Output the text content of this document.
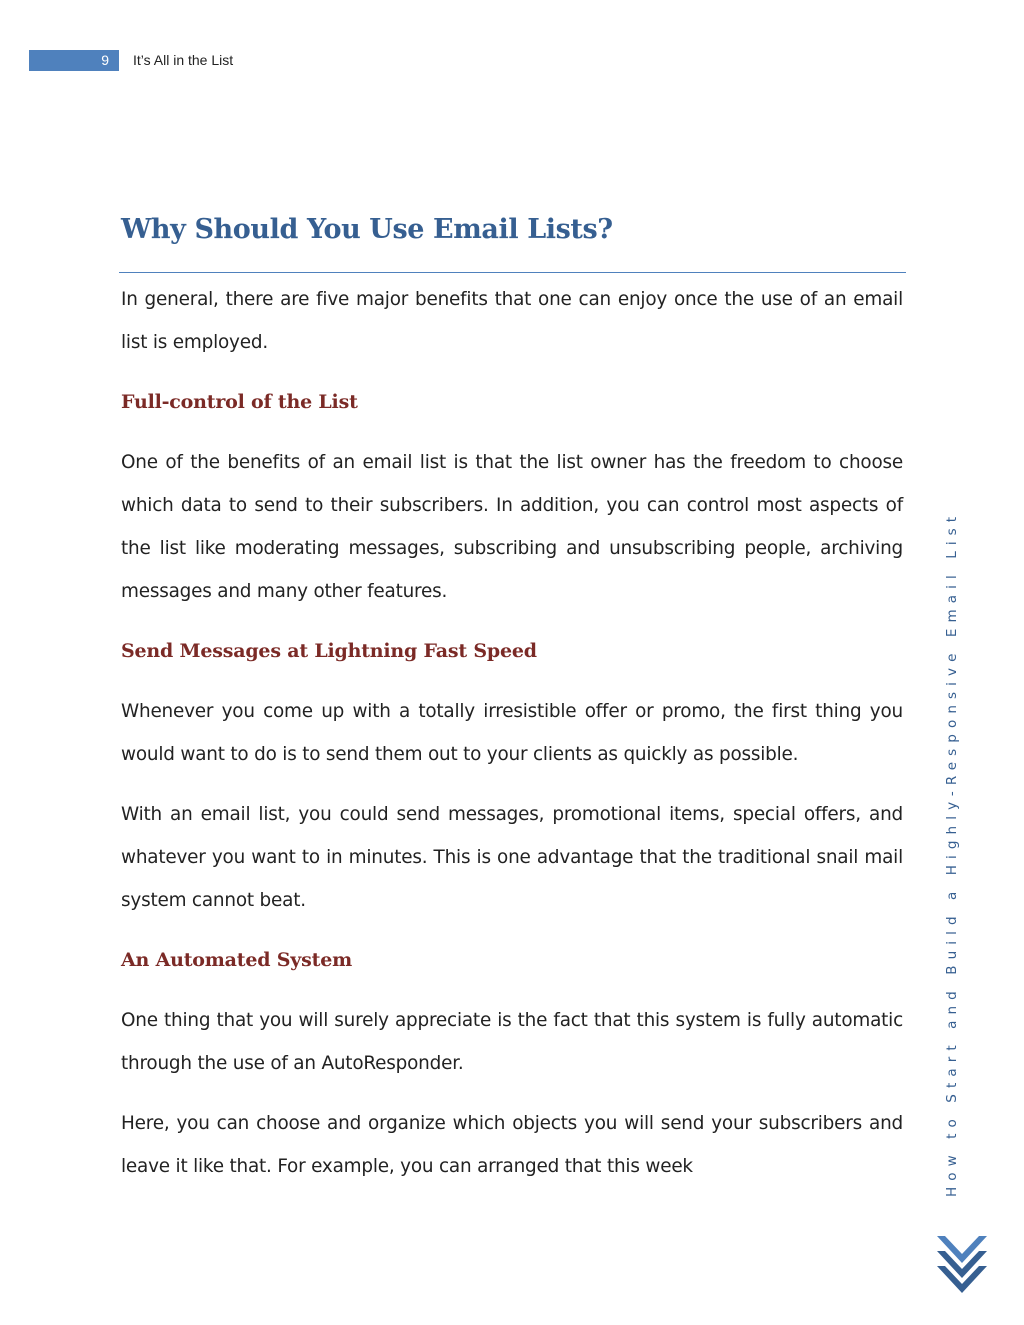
9 It’s All in the List
Why Should You Use Email Lists?

In general, there are five major benefits that one can enjoy once the use of an email list is employed.

Full-control of the List

One of the benefits of an email list is that the list owner has the freedom to choose which data to send to their subscribers. In addition, you can control most aspects of the list like moderating messages, subscribing and unsubscribing people, archiving messages and many other features.

Send Messages at Lightning Fast Speed

Whenever you come up with a totally irresistible offer or promo, the first thing you would want to do is to send them out to your clients as quickly as possible.

With an email list, you could send messages, promotional items, special offers, and whatever you want to in minutes. This is one advantage that the traditional snail mail system cannot beat.

An Automated System

One thing that you will surely appreciate is the fact that this system is fully automatic through the use of an AutoResponder.

Here, you can choose and organize which objects you will send your subscribers and leave it like that. For example, you can arranged that this week	How to Start and Build a Highly-Responsive Email List
